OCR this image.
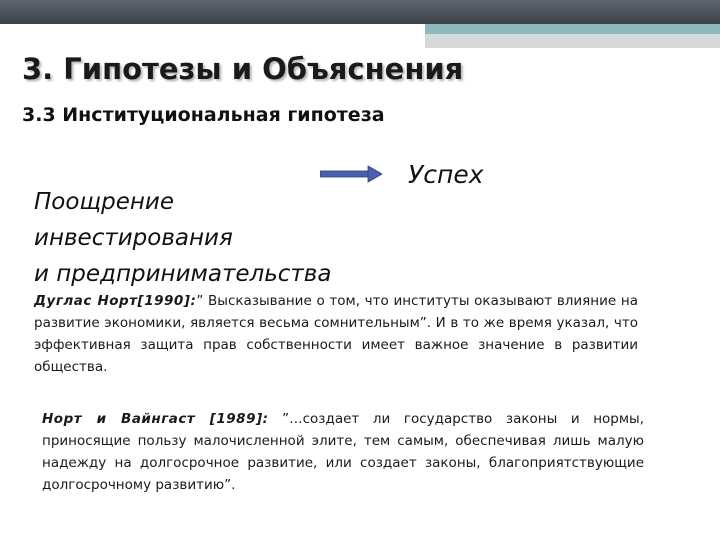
3. Гипотезы и Объяснения
3.3 Институциональная гипотеза
Успех
Поощрение
инвестирования
и предпринимательства
Дуглас Норт[1990]:” Высказывание о том, что институты оказывают влияние на развитие экономики, является весьма сомнительным”. И в то же время указал, что эффективная защита прав собственности имеет важное значение в развитии общества.
Норт и Вайнгаст [1989]: ”…создает ли государство законы и нормы, приносящие пользу малочисленной элите, тем самым, обеспечивая лишь малую надежду на долгосрочное развитие, или создает законы, благоприятствующие долгосрочному развитию”.
